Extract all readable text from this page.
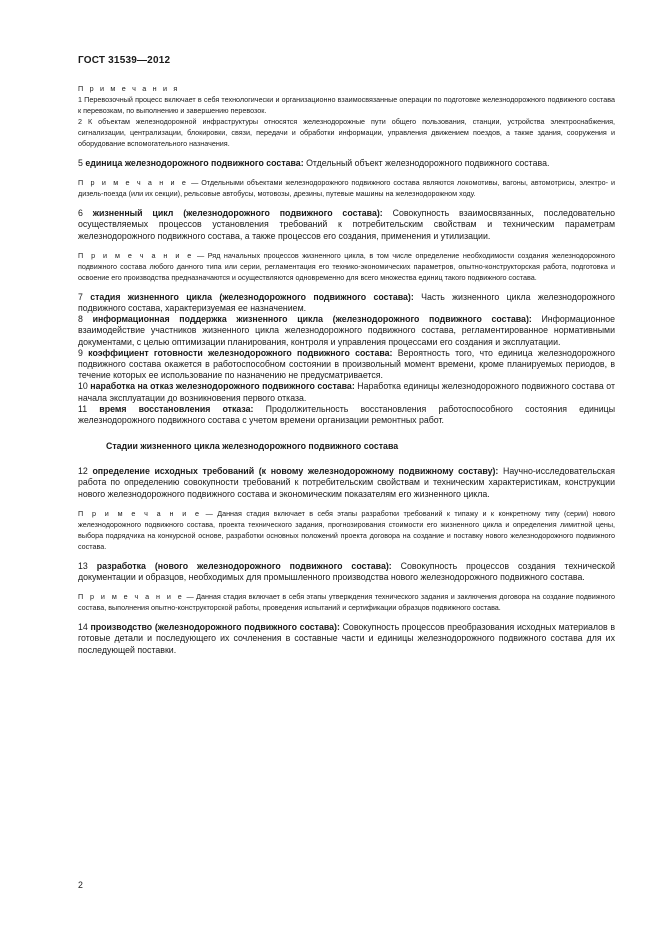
ГОСТ 31539—2012

П р и м е ч а н и я

1 Перевозочный процесс включает в себя технологически и организационно взаимосвязанные операции по подготовке железнодорожного подвижного состава к перевозкам, по выполнению и завершению перевозок.

2 К объектам железнодорожной инфраструктуры относятся железнодорожные пути общего пользования, станции, устройства электроснабжения, сигнализации, централизации, блокировки, связи, передачи и обработки информации, управления движением поездов, а также здания, сооружения и оборудование вспомогательного назначения.

5 единица железнодорожного подвижного состава: Отдельный объект железнодорожного подвижного состава.
П р и м е ч а н и е — Отдельными объектами железнодорожного подвижного состава являются локомотивы, вагоны, автомотрисы, электро- и дизель-поезда (или их секции), рельсовые автобусы, мотовозы, дрезины, путевые машины на железнодорожном ходу.
6 жизненный цикл (железнодорожного подвижного состава): Совокупность взаимосвязанных, последовательно осуществляемых процессов установления требований к потребительским свойствам и техническим параметрам железнодорожного подвижного состава, а также процессов его создания, применения и утилизации.
П р и м е ч а н и е — Ряд начальных процессов жизненного цикла, в том числе определение необходимости создания железнодорожного подвижного состава любого данного типа или серии, регламентация его технико-экономических параметров, опытно-конструкторская работа, подготовка и освоение его производства предназначаются и осуществляются одновременно для всего множества единиц такого подвижного состава.
7 стадия жизненного цикла (железнодорожного подвижного состава): Часть жизненного цикла железнодорожного подвижного состава, характеризуемая ее назначением.
8 информационная поддержка жизненного цикла (железнодорожного подвижного состава): Информационное взаимодействие участников жизненного цикла железнодорожного подвижного состава, регламентированное нормативными документами, с целью оптимизации планирования, контроля и управления процессами его создания и эксплуатации.
9 коэффициент готовности железнодорожного подвижного состава: Вероятность того, что единица железнодорожного подвижного состава окажется в работоспособном состоянии в произвольный момент времени, кроме планируемых периодов, в течение которых ее использование по назначению не предусматривается.
10 наработка на отказ железнодорожного подвижного состава: Наработка единицы железнодорожного подвижного состава от начала эксплуатации до возникновения первого отказа.
11 время восстановления отказа: Продолжительность восстановления работоспособного состояния единицы железнодорожного подвижного состава с учетом времени организации ремонтных работ.
Стадии жизненного цикла железнодорожного подвижного состава
12 определение исходных требований (к новому железнодорожному подвижному составу): Научно-исследовательская работа по определению совокупности требований к потребительским свойствам и техническим характеристикам, конструкции нового железнодорожного подвижного состава и экономическим показателям его жизненного цикла.
П р и м е ч а н и е — Данная стадия включает в себя этапы разработки требований к типажу и к конкретному типу (серии) нового железнодорожного подвижного состава, проекта технического задания, прогнозирования стоимости его жизненного цикла и определения лимитной цены, выбора подрядчика на конкурсной основе, разработки основных положений проекта договора на создание и поставку нового железнодорожного подвижного состава.
13 разработка (нового железнодорожного подвижного состава): Совокупность процессов создания технической документации и образцов, необходимых для промышленного производства нового железнодорожного подвижного состава.
П р и м е ч а н и е — Данная стадия включает в себя этапы утверждения технического задания и заключения договора на создание подвижного состава, выполнения опытно-конструкторской работы, проведения испытаний и сертификации образцов подвижного состава.
14 производство (железнодорожного подвижного состава): Совокупность процессов преобразования исходных материалов в готовые детали и последующего их сочленения в составные части и единицы железнодорожного подвижного состава для их последующей поставки.
2
